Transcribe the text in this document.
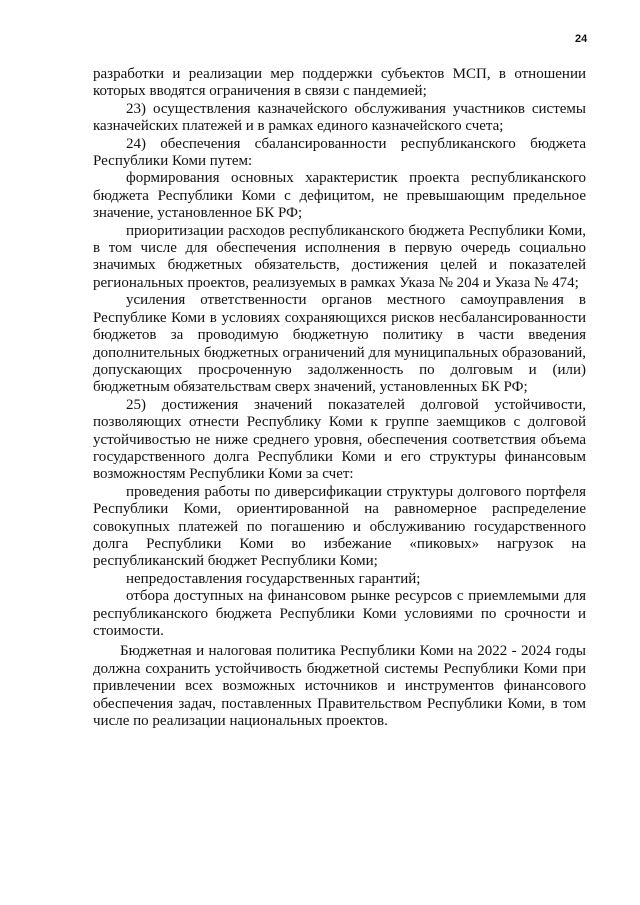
24

разработки и реализации мер поддержки субъектов МСП, в отношении которых вводятся ограничения в связи с пандемией;

23) осуществления казначейского обслуживания участников системы казначейских платежей и в рамках единого казначейского счета;

24) обеспечения сбалансированности республиканского бюджета Республики Коми путем:

формирования основных характеристик проекта республиканского бюджета Республики Коми с дефицитом, не превышающим предельное значение, установленное БК РФ;

приоритизации расходов республиканского бюджета Республики Коми, в том числе для обеспечения исполнения в первую очередь социально значимых бюджетных обязательств, достижения целей и показателей региональных проектов, реализуемых в рамках Указа № 204 и Указа № 474;

усиления ответственности органов местного самоуправления в Республике Коми в условиях сохраняющихся рисков несбалансированности бюджетов за проводимую бюджетную политику в части введения дополнительных бюджетных ограничений для муниципальных образований, допускающих просроченную задолженность по долговым и (или) бюджетным обязательствам сверх значений, установленных БК РФ;

25) достижения значений показателей долговой устойчивости, позволяющих отнести Республику Коми к группе заемщиков с долговой устойчивостью не ниже среднего уровня, обеспечения соответствия объема государственного долга Республики Коми и его структуры финансовым возможностям Республики Коми за счет:

проведения работы по диверсификации структуры долгового портфеля Республики Коми, ориентированной на равномерное распределение совокупных платежей по погашению и обслуживанию государственного долга Республики Коми во избежание «пиковых» нагрузок на республиканский бюджет Республики Коми;

непредоставления государственных гарантий;

отбора доступных на финансовом рынке ресурсов с приемлемыми для республиканского бюджета Республики Коми условиями по срочности и стоимости.

Бюджетная и налоговая политика Республики Коми на 2022 - 2024 годы должна сохранить устойчивость бюджетной системы Республики Коми при привлечении всех возможных источников и инструментов финансового обеспечения задач, поставленных Правительством Республики Коми, в том числе по реализации национальных проектов.
